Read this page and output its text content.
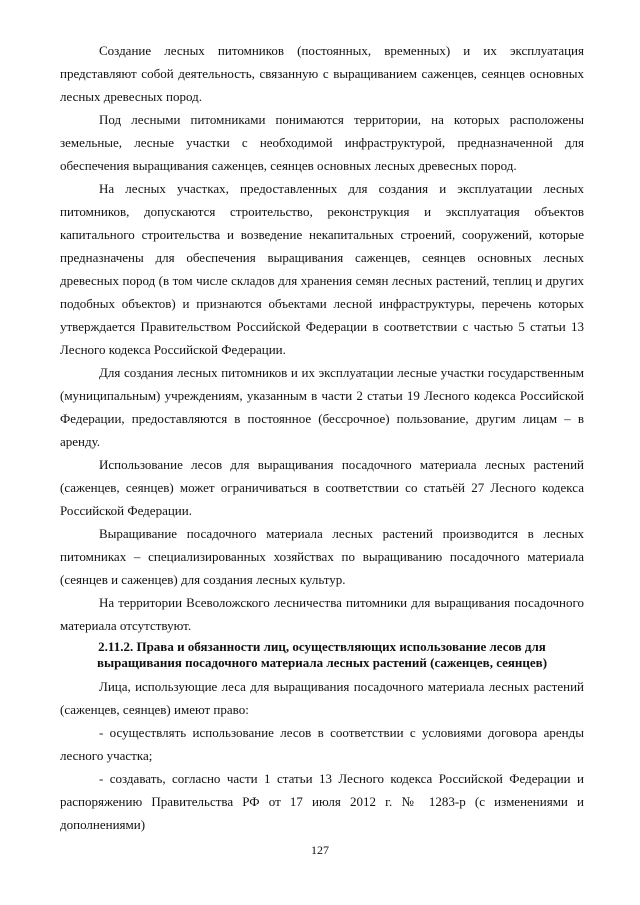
Создание лесных питомников (постоянных, временных) и их эксплуатация представляют собой деятельность, связанную с выращиванием саженцев, сеянцев основных лесных древесных пород.

Под лесными питомниками понимаются территории, на которых расположены земельные, лесные участки с необходимой инфраструктурой, предназначенной для обеспечения выращивания саженцев, сеянцев основных лесных древесных пород.

На лесных участках, предоставленных для создания и эксплуатации лесных питомников, допускаются строительство, реконструкция и эксплуатация объектов капитального строительства и возведение некапитальных строений, сооружений, которые предназначены для обеспечения выращивания саженцев, сеянцев основных лесных древесных пород (в том числе складов для хранения семян лесных растений, теплиц и других подобных объектов) и признаются объектами лесной инфраструктуры, перечень которых утверждается Правительством Российской Федерации в соответствии с частью 5 статьи 13 Лесного кодекса Российской Федерации.

Для создания лесных питомников и их эксплуатации лесные участки государственным (муниципальным) учреждениям, указанным в части 2 статьи 19 Лесного кодекса Российской Федерации, предоставляются в постоянное (бессрочное) пользование, другим лицам – в аренду.

Использование лесов для выращивания посадочного материала лесных растений (саженцев, сеянцев) может ограничиваться в соответствии со статьёй 27 Лесного кодекса Российской Федерации.

Выращивание посадочного материала лесных растений производится в лесных питомниках – специализированных хозяйствах по выращиванию посадочного материала (сеянцев и саженцев) для создания лесных культур.

На территории Всеволожского лесничества питомники для выращивания посадочного материала отсутствуют.

2.11.2. Права и обязанности лиц, осуществляющих использование лесов для выращивания посадочного материала лесных растений (саженцев, сеянцев)

Лица, использующие леса для выращивания посадочного материала лесных растений (саженцев, сеянцев) имеют право:

- осуществлять использование лесов в соответствии с условиями договора аренды лесного участка;

- создавать, согласно части 1 статьи 13 Лесного кодекса Российской Федерации и распоряжению Правительства РФ от 17 июля 2012 г. № 1283-р (с изменениями и дополнениями)

127
